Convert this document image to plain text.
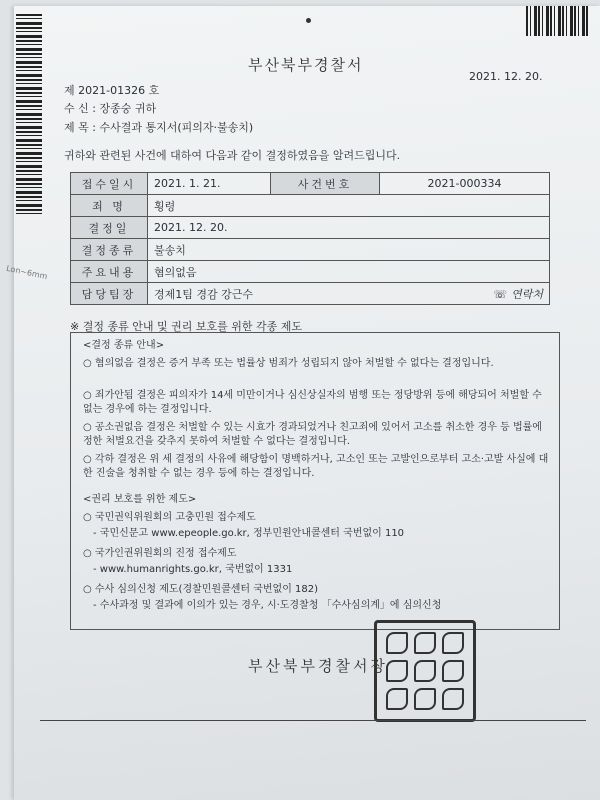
부산북부경찰서
2021. 12. 20.
제 2021-01326 호
수 신 : 장종숭 귀하
제 목 : 수사결과 통지서(피의자·불송치)
귀하와 관련된 사건에 대하여 다음과 같이 결정하였음을 알려드립니다.
Lon~6mm
접수일시	2021. 1. 21.	사건번호	2021-000334
죄 명	횡령		
결정일	2021. 12. 20.		
결정종류	불송치		
주요내용	혐의없음		
담당팀장	경제1팀 경감 강근수 ☏ 연락처		
※ 결정 종류 안내 및 권리 보호를 위한 각종 제도
<결정 종류 안내>
○ 혐의없음 결정은 증거 부족 또는 법률상 범죄가 성립되지 않아 처벌할 수 없다는 결정입니다.
○ 죄가안됨 결정은 피의자가 14세 미만이거나 심신상실자의 범행 또는 정당방위 등에 해당되어 처벌할 수 없는 경우에 하는 결정입니다.
○ 공소권없음 결정은 처벌할 수 있는 시효가 경과되었거나 친고죄에 있어서 고소를 취소한 경우 등 법률에 정한 처벌요건을 갖추지 못하여 처벌할 수 없다는 결정입니다.
○ 각하 결정은 위 세 결정의 사유에 해당함이 명백하거나, 고소인 또는 고발인으로부터 고소·고발 사실에 대한 진술을 청취할 수 없는 경우 등에 하는 결정입니다.
<권리 보호를 위한 제도>
○ 국민권익위원회의 고충민원 접수제도
- 국민신문고 www.epeople.go.kr, 정부민원안내콜센터 국번없이 110
○ 국가인권위원회의 진정 접수제도
- www.humanrights.go.kr, 국번없이 1331
○ 수사 심의신청 제도(경찰민원콜센터 국번없이 182)
- 수사과정 및 결과에 이의가 있는 경우, 시·도경찰청 「수사심의계」에 심의신청
부산북부경찰서장
